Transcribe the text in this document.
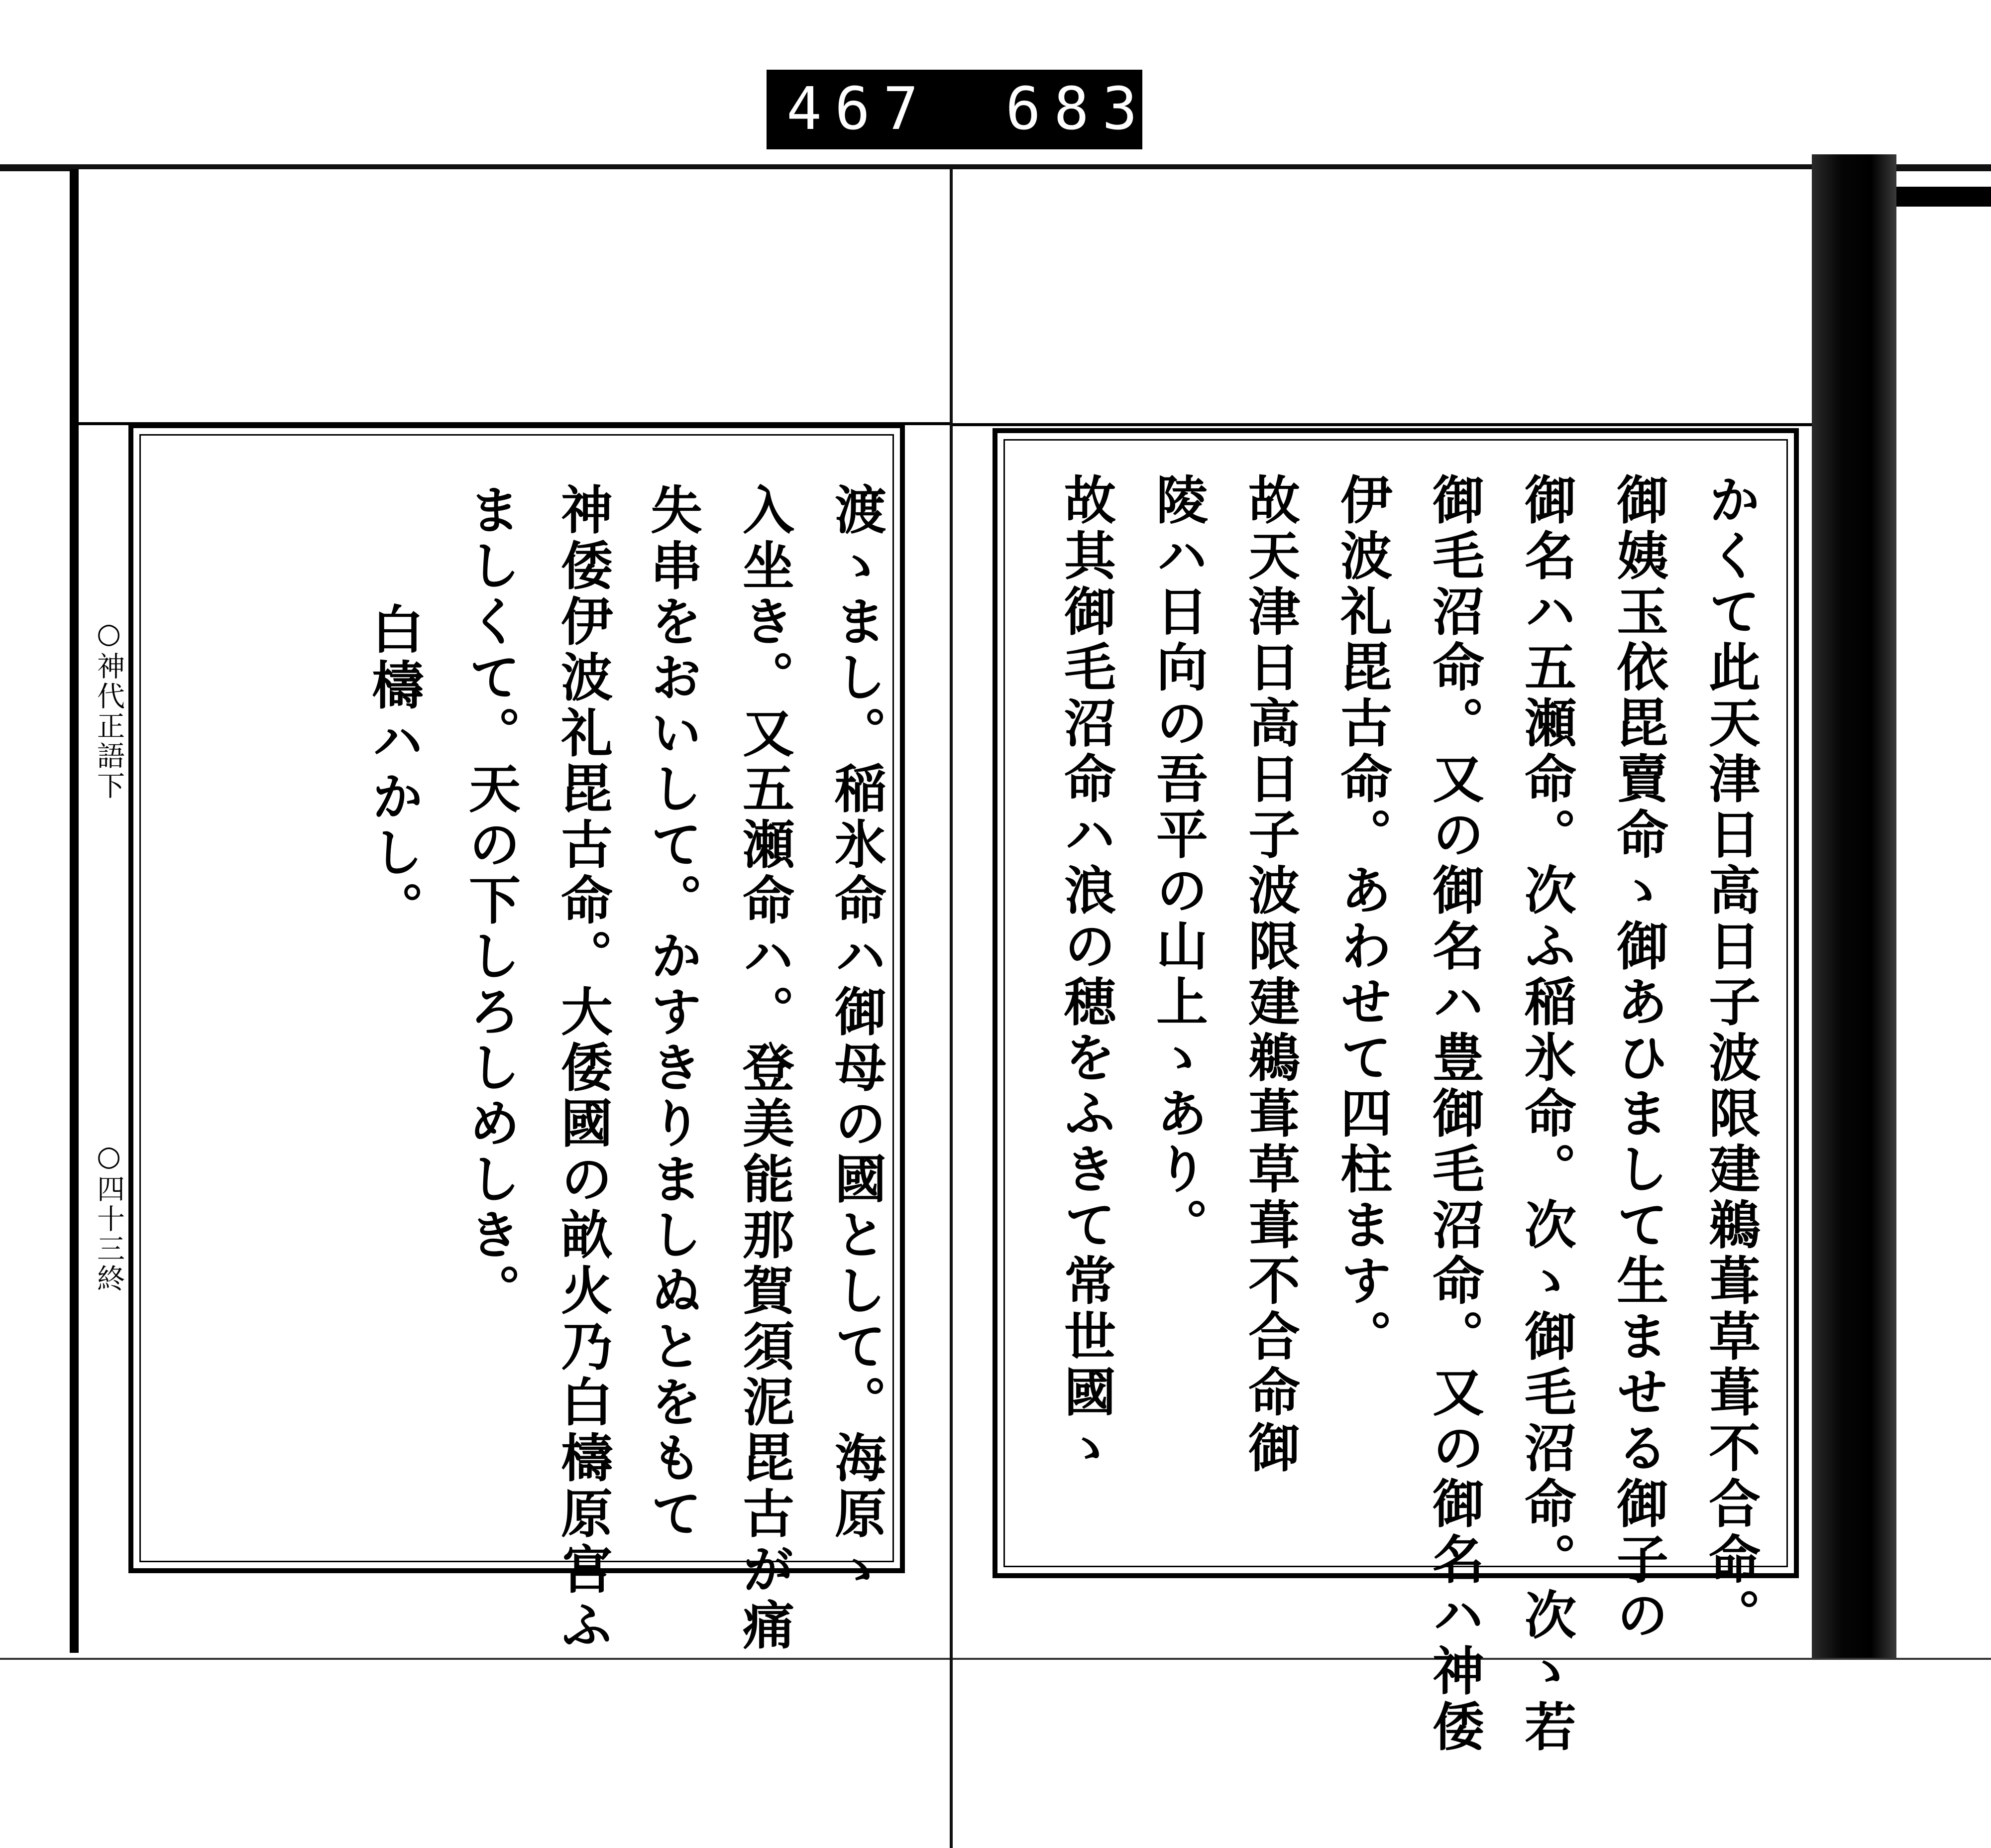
467 683.
渡ゝまし。稲氷命ハ御母の國として。海原ゝ
入坐き。又五瀬命ハ。登美能那賀須泥毘古が痛
失串をおいして。かすきりましぬとをもて
神倭伊波礼毘古命。大倭國の畝火乃白檮原宮ふ
ましくて。天の下しろしめしき。
白檮ハかし。
○神代正語下
○四十三終	かくて此天津日高日子波限建鵜葺草葺不合命。
御姨玉依毘賣命ゝ御あひまして生ませる御子の
御名ハ五瀬命。次ふ稲氷命。次ゝ御毛沼命。次ゝ若
御毛沼命。又の御名ハ豊御毛沼命。又の御名ハ神倭
伊波礼毘古命。あわせて四柱ます。
故天津日高日子波限建鵜葺草葺不合命御
陵ハ日向の吾平の山上ゝあり。
故其御毛沼命ハ浪の穂をふきて常世國ゝ
